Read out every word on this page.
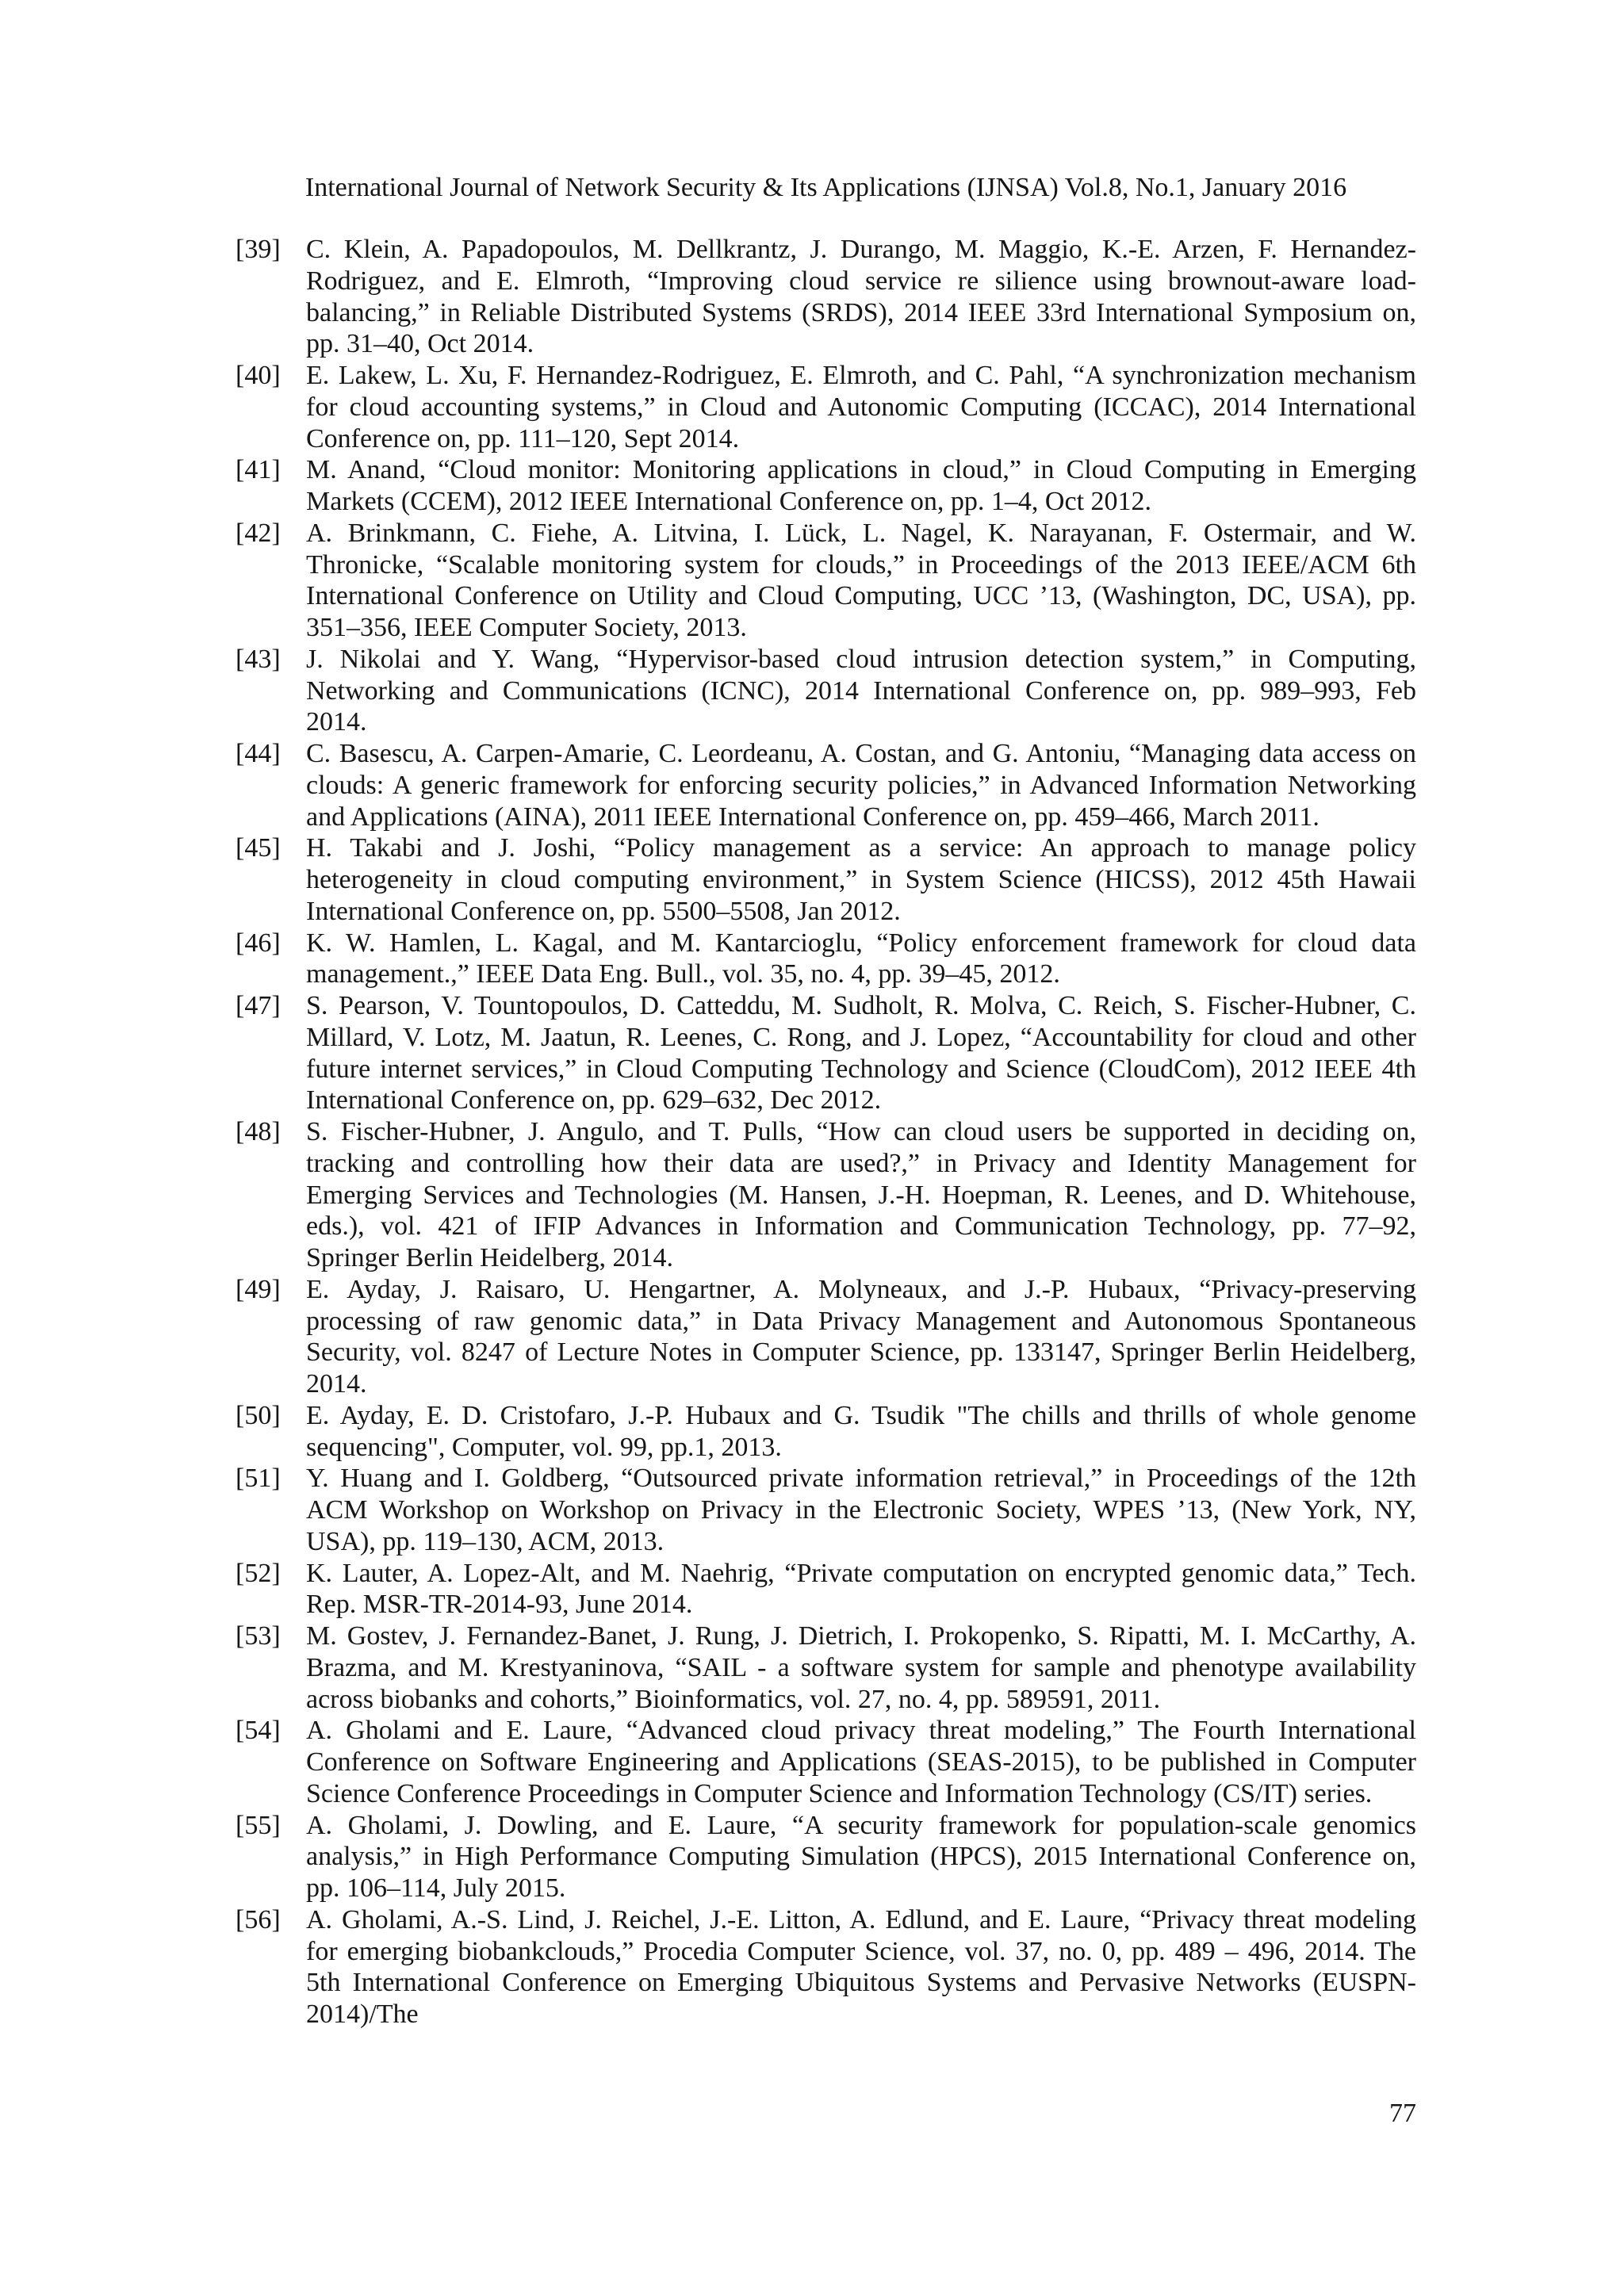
International Journal of Network Security & Its Applications (IJNSA) Vol.8, No.1, January 2016
[39] C. Klein, A. Papadopoulos, M. Dellkrantz, J. Durango, M. Maggio, K.-E. Arzen, F. Hernandez-
Rodriguez, and E. Elmroth, “Improving cloud service re silience using brownout-aware load-
balancing,” in Reliable Distributed Systems (SRDS), 2014 IEEE 33rd International Symposium on,
pp. 31–40, Oct 2014.
[40] E. Lakew, L. Xu, F. Hernandez-Rodriguez, E. Elmroth, and C. Pahl, “A synchronization mechanism
for cloud accounting systems,” in Cloud and Autonomic Computing (ICCAC), 2014 International
Conference on, pp. 111–120, Sept 2014.
[41] M. Anand, “Cloud monitor: Monitoring applications in cloud,” in Cloud Computing in Emerging
Markets (CCEM), 2012 IEEE International Conference on, pp. 1–4, Oct 2012.
[42] A. Brinkmann, C. Fiehe, A. Litvina, I. Lück, L. Nagel, K. Narayanan, F. Ostermair, and W.
Thronicke, “Scalable monitoring system for clouds,” in Proceedings of the 2013 IEEE/ACM 6th
International Conference on Utility and Cloud Computing, UCC ’13, (Washington, DC, USA), pp.
351–356, IEEE Computer Society, 2013.
[43] J. Nikolai and Y. Wang, “Hypervisor-based cloud intrusion detection system,” in Computing,
Networking and Communications (ICNC), 2014 International Conference on, pp. 989–993, Feb
2014.
[44] C. Basescu, A. Carpen-Amarie, C. Leordeanu, A. Costan, and G. Antoniu, “Managing data access on
clouds: A generic framework for enforcing security policies,” in Advanced Information Networking
and Applications (AINA), 2011 IEEE International Conference on, pp. 459–466, March 2011.
[45] H. Takabi and J. Joshi, “Policy management as a service: An approach to manage policy
heterogeneity in cloud computing environment,” in System Science (HICSS), 2012 45th Hawaii
International Conference on, pp. 5500–5508, Jan 2012.
[46] K. W. Hamlen, L. Kagal, and M. Kantarcioglu, “Policy enforcement framework for cloud data
management.,” IEEE Data Eng. Bull., vol. 35, no. 4, pp. 39–45, 2012.
[47] S. Pearson, V. Tountopoulos, D. Catteddu, M. Sudholt, R. Molva, C. Reich, S. Fischer-Hubner, C.
Millard, V. Lotz, M. Jaatun, R. Leenes, C. Rong, and J. Lopez, “Accountability for cloud and other
future internet services,” in Cloud Computing Technology and Science (CloudCom), 2012 IEEE 4th
International Conference on, pp. 629–632, Dec 2012.
[48] S. Fischer-Hubner, J. Angulo, and T. Pulls, “How can cloud users be supported in deciding on,
tracking and controlling how their data are used?,” in Privacy and Identity Management for
Emerging Services and Technologies (M. Hansen, J.-H. Hoepman, R. Leenes, and D. Whitehouse,
eds.), vol. 421 of IFIP Advances in Information and Communication Technology, pp. 77–92,
Springer Berlin Heidelberg, 2014.
[49] E. Ayday, J. Raisaro, U. Hengartner, A. Molyneaux, and J.-P. Hubaux, “Privacy-preserving
processing of raw genomic data,” in Data Privacy Management and Autonomous Spontaneous
Security, vol. 8247 of Lecture Notes in Computer Science, pp. 133147, Springer Berlin Heidelberg,
2014.
[50] E. Ayday, E. D. Cristofaro, J.-P. Hubaux and G. Tsudik "The chills and thrills of whole genome
sequencing", Computer, vol. 99, pp.1, 2013.
[51] Y. Huang and I. Goldberg, “Outsourced private information retrieval,” in Proceedings of the 12th
ACM Workshop on Workshop on Privacy in the Electronic Society, WPES ’13, (New York, NY,
USA), pp. 119–130, ACM, 2013.
[52] K. Lauter, A. Lopez-Alt, and M. Naehrig, “Private computation on encrypted genomic data,” Tech.
Rep. MSR-TR-2014-93, June 2014.
[53] M. Gostev, J. Fernandez-Banet, J. Rung, J. Dietrich, I. Prokopenko, S. Ripatti, M. I. McCarthy, A.
Brazma, and M. Krestyaninova, “SAIL - a software system for sample and phenotype availability
across biobanks and cohorts,” Bioinformatics, vol. 27, no. 4, pp. 589591, 2011.
[54] A. Gholami and E. Laure, “Advanced cloud privacy threat modeling,” The Fourth International
Conference on Software Engineering and Applications (SEAS-2015), to be published in Computer
Science Conference Proceedings in Computer Science and Information Technology (CS/IT) series.
[55] A. Gholami, J. Dowling, and E. Laure, “A security framework for population-scale genomics
analysis,” in High Performance Computing Simulation (HPCS), 2015 International Conference on,
pp. 106–114, July 2015.
[56] A. Gholami, A.-S. Lind, J. Reichel, J.-E. Litton, A. Edlund, and E. Laure, “Privacy threat modeling
for emerging biobankclouds,” Procedia Computer Science, vol. 37, no. 0, pp. 489 – 496, 2014. The
5th International Conference on Emerging Ubiquitous Systems and Pervasive Networks (EUSPN-
2014)/The
77
